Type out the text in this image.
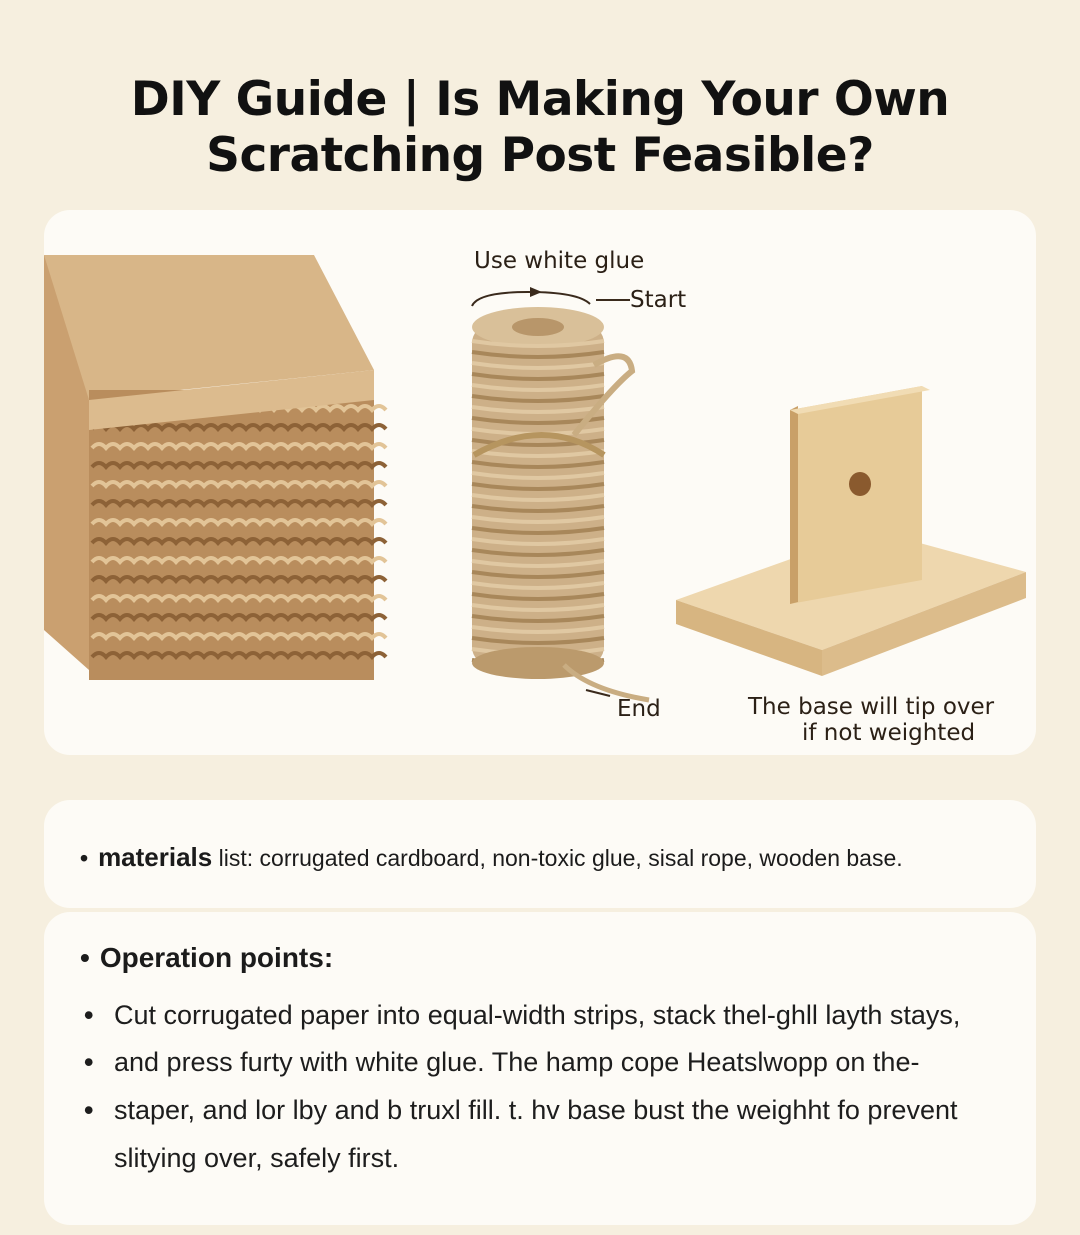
DIY Guide | Is Making Your Own
Scratching Post Feasible?
Use white glue
Start
End	The base will tip over
if not weighted
• materials list: corrugated cardboard, non-toxic glue, sisal rope, wooden base.
• Operation points:
• Cut corrugated paper into equal-width strips, stack thel-ghll layth stays,
• and press furty with white glue. The hamp cope Heatslwopp on the-
• staper, and lor lby and b truxl fill. t. hv base bust the weighht fo prevent
slitying over, safely first.
